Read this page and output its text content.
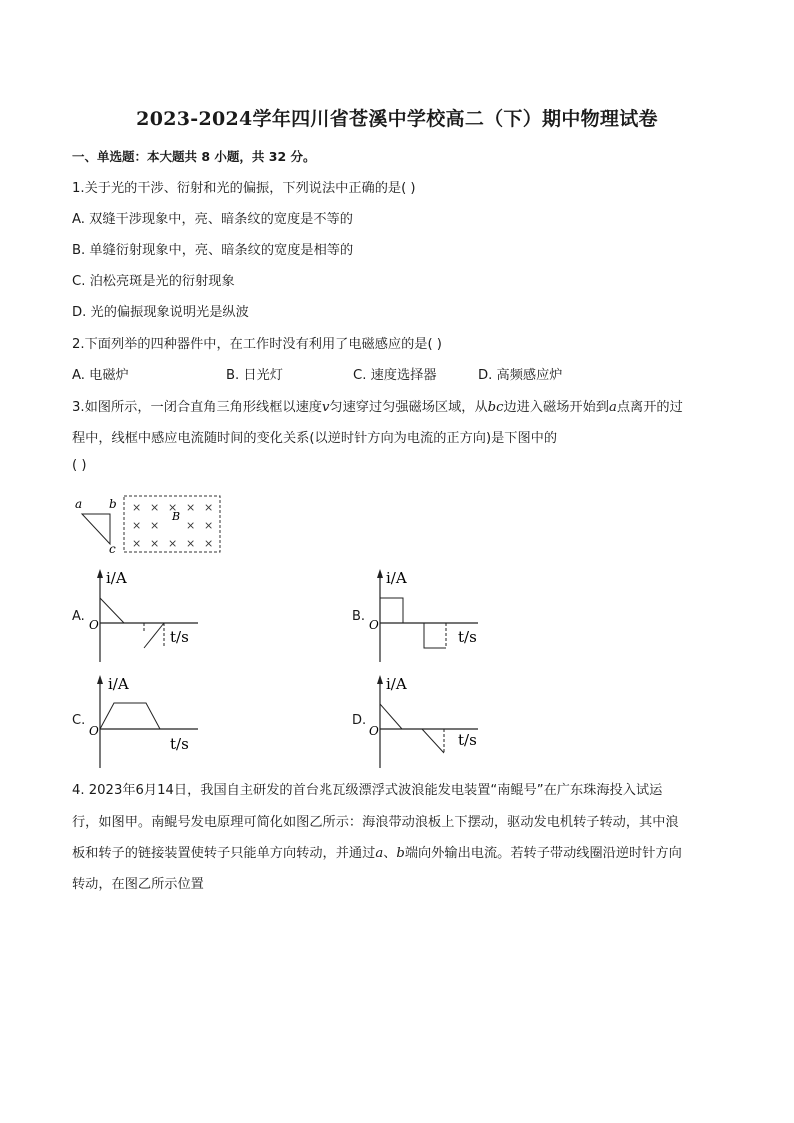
2023-2024学年四川省苍溪中学校高二（下）期中物理试卷
一、单选题：本大题共 8 小题，共 32 分。
1.关于光的干涉、衍射和光的偏振，下列说法中正确的是( )
A. 双缝干涉现象中，亮、暗条纹的宽度是不等的
B. 单缝衍射现象中，亮、暗条纹的宽度是相等的
C. 泊松亮斑是光的衍射现象
D. 光的偏振现象说明光是纵波
2.下面列举的四种器件中，在工作时没有利用了电磁感应的是( )
A. 电磁炉	B. 日光灯	C. 速度选择器	D. 高频感应炉
3.如图所示，一闭合直角三角形线框以速度v匀速穿过匀强磁场区域，从bc边进入磁场开始到a点离开的过
程中，线框中感应电流随时间的变化关系(以逆时针方向为电流的正方向)是下图中的
( )
a b
c
B
× × × × ×
× × × ×
× × × × ×
A.
i/A
t/s
O
B.
i/A
t/s
O
C.
i/A
t/s
O
D.
i/A
t/s
O
4. 2023年6月14日，我国自主研发的首台兆瓦级漂浮式波浪能发电装置“南鲲号”在广东珠海投入试运
行，如图甲。南鲲号发电原理可简化如图乙所示：海浪带动浪板上下摆动，驱动发电机转子转动，其中浪
板和转子的链接装置使转子只能单方向转动，并通过a、b端向外输出电流。若转子带动线圈沿逆时针方向
转动，在图乙所示位置
